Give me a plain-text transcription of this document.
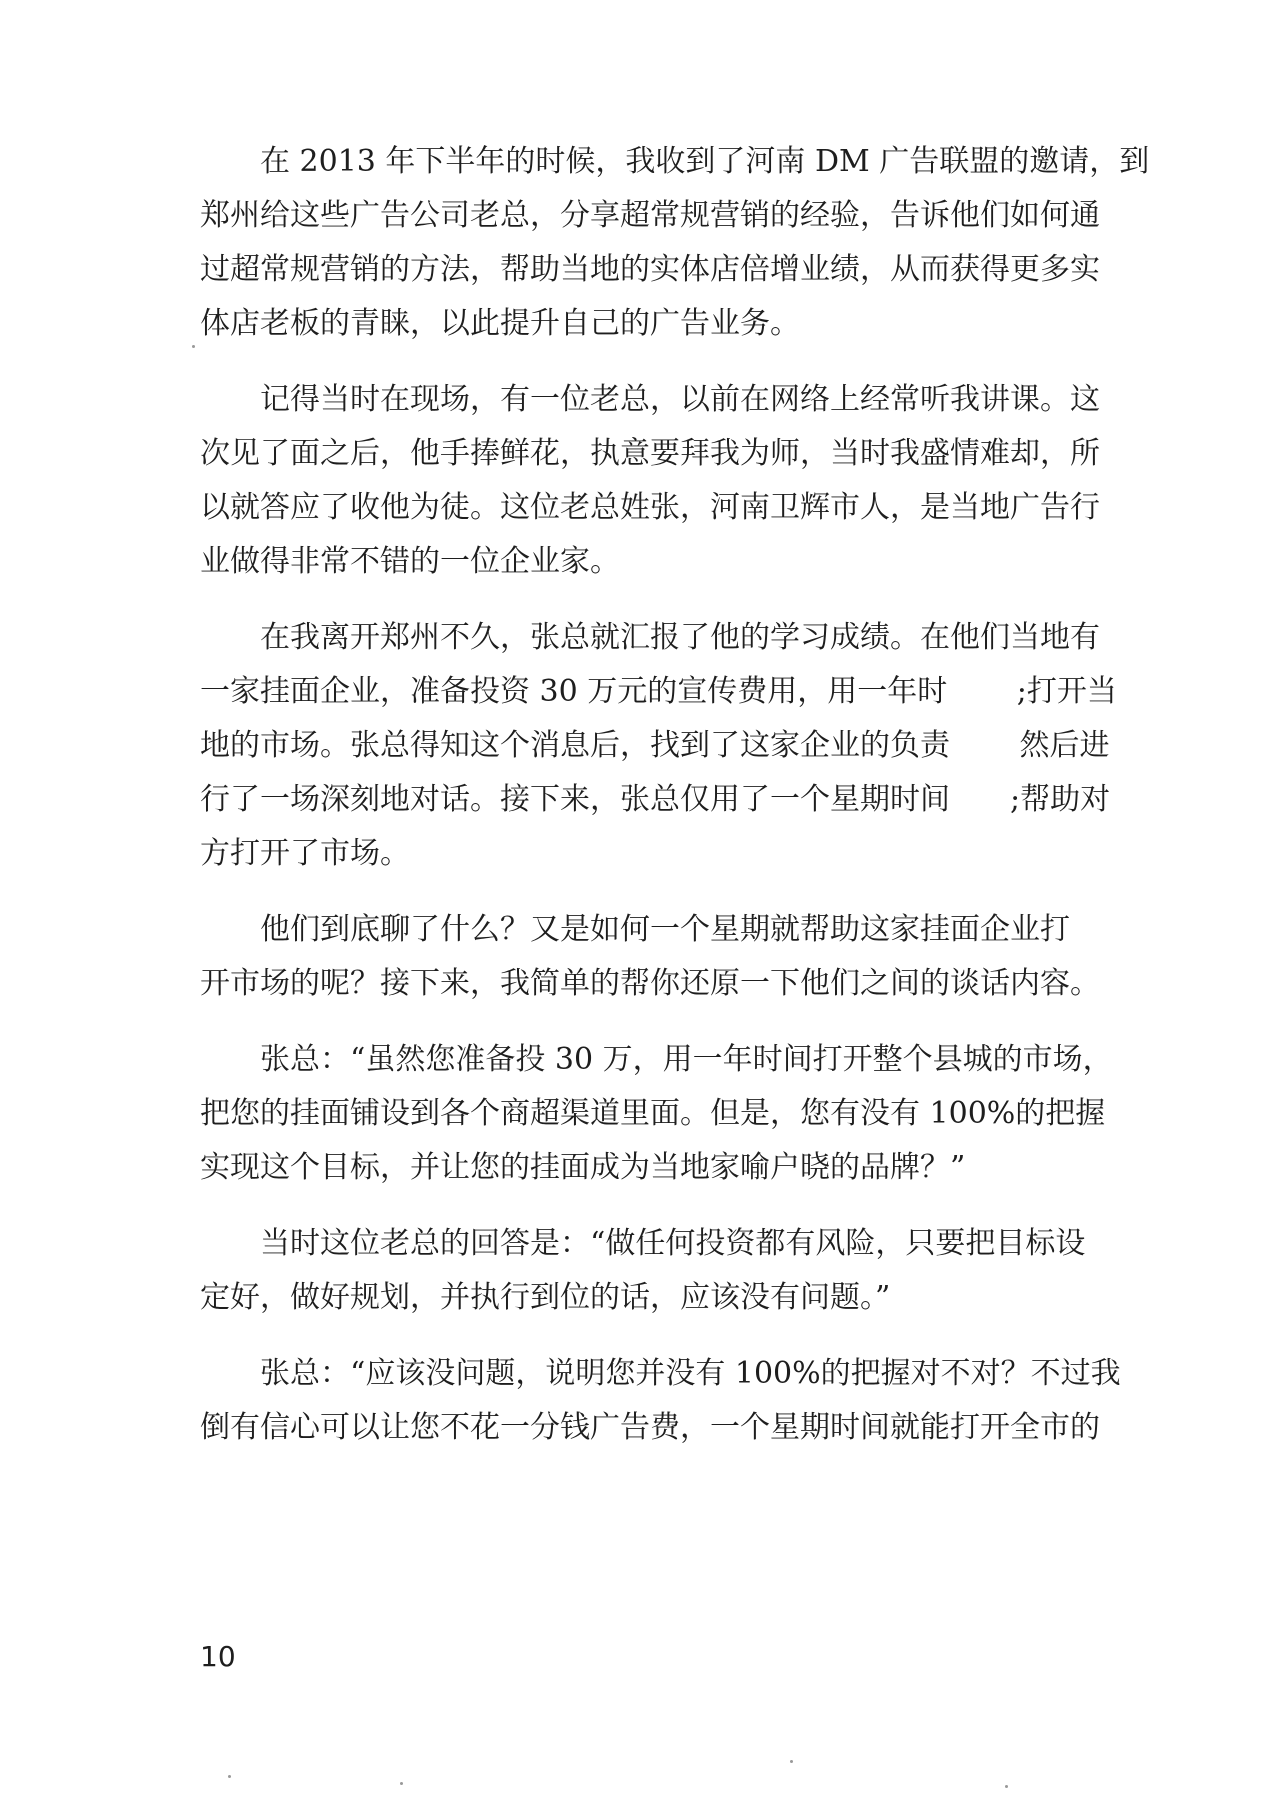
在 2013 年下半年的时候，我收到了河南 DM 广告联盟的邀请，到
郑州给这些广告公司老总，分享超常规营销的经验，告诉他们如何通
过超常规营销的方法，帮助当地的实体店倍增业绩，从而获得更多实
体店老板的青睐，以此提升自己的广告业务。
记得当时在现场，有一位老总，以前在网络上经常听我讲课。这
次见了面之后，他手捧鲜花，执意要拜我为师，当时我盛情难却，所
以就答应了收他为徒。这位老总姓张，河南卫辉市人，是当地广告行
业做得非常不错的一位企业家。
在我离开郑州不久，张总就汇报了他的学习成绩。在他们当地有
一家挂面企业，准备投资 30 万元的宣传费用，用一年时　　 ;打开当
地的市场。张总得知这个消息后，找到了这家企业的负责　　 然后进
行了一场深刻地对话。接下来，张总仅用了一个星期时间　　;帮助对
方打开了市场。
他们到底聊了什么？又是如何一个星期就帮助这家挂面企业打
开市场的呢？接下来，我简单的帮你还原一下他们之间的谈话内容。
张总：“虽然您准备投 30 万，用一年时间打开整个县城的市场，
把您的挂面铺设到各个商超渠道里面。但是，您有没有 100%的把握
实现这个目标，并让您的挂面成为当地家喻户晓的品牌？”
当时这位老总的回答是：“做任何投资都有风险，只要把目标设
定好，做好规划，并执行到位的话，应该没有问题。”
张总：“应该没问题，说明您并没有 100%的把握对不对？不过我
倒有信心可以让您不花一分钱广告费，一个星期时间就能打开全市的
10
